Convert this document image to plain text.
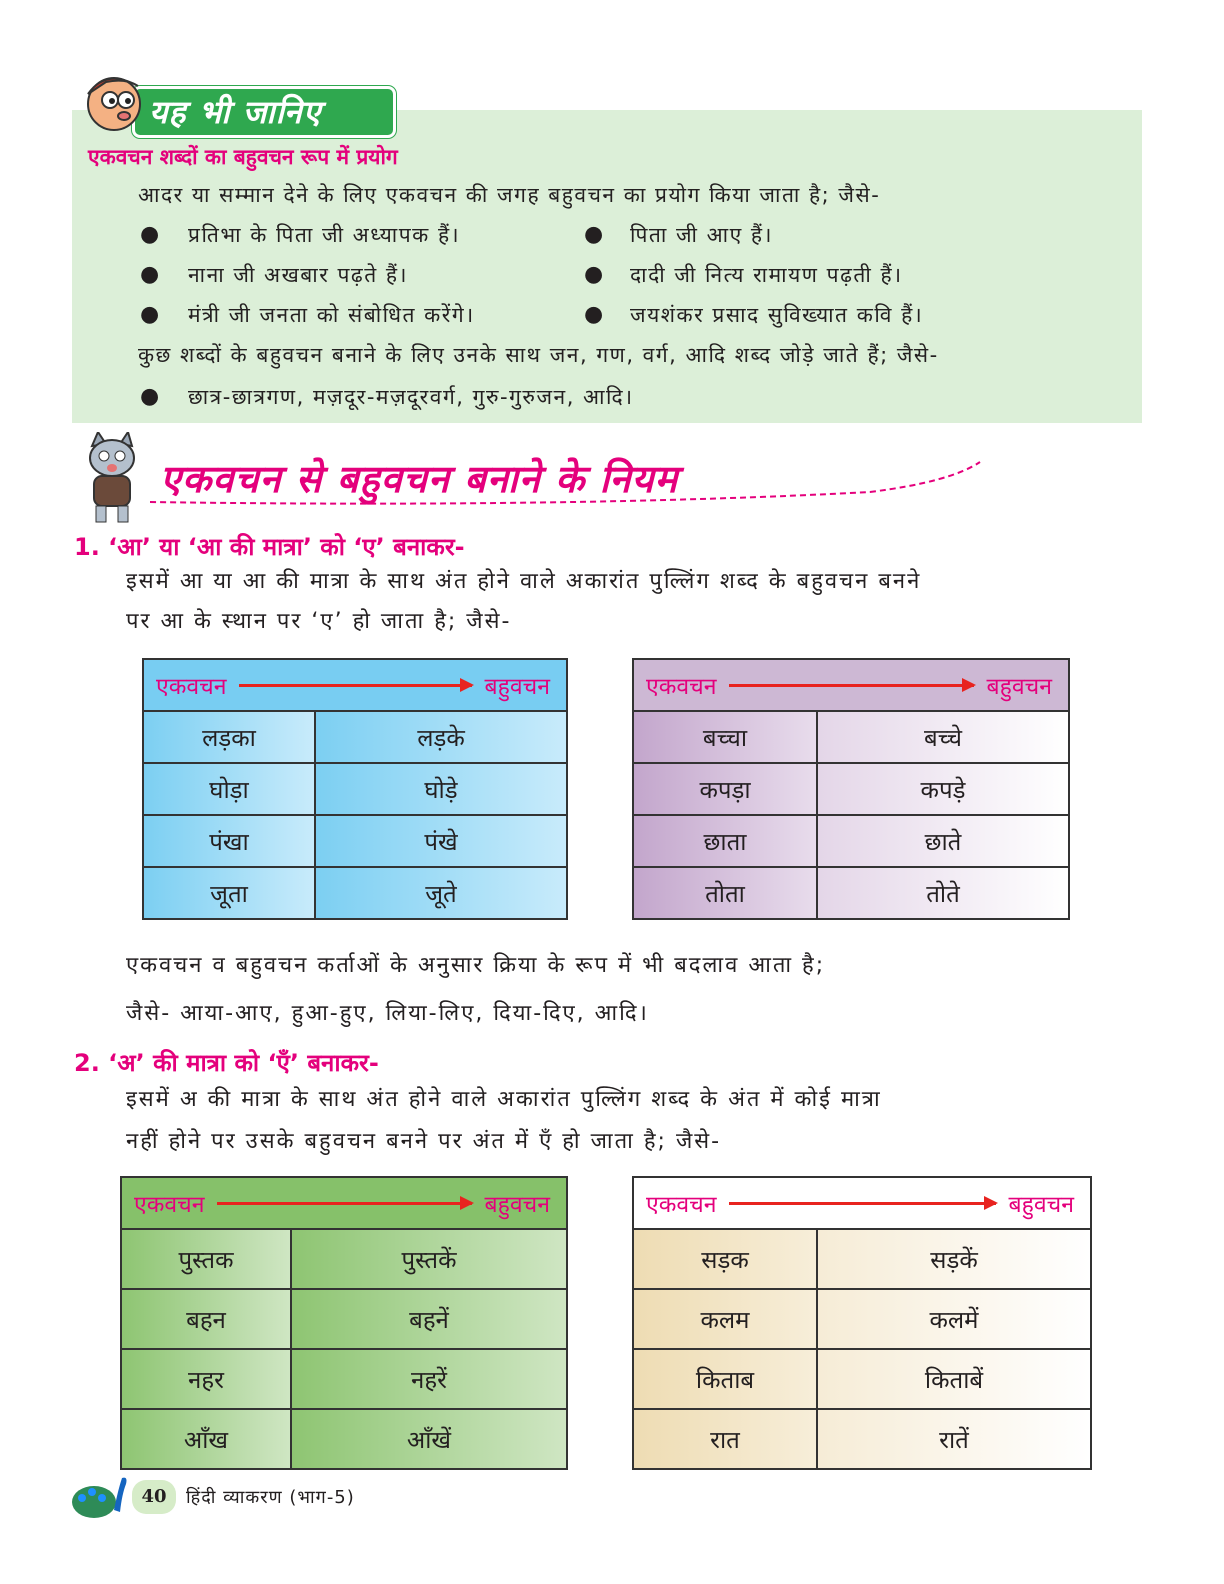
यह भी जानिए
एकवचन शब्दों का बहुवचन रूप में प्रयोग
आदर या सम्मान देने के लिए एकवचन की जगह बहुवचन का प्रयोग किया जाता है; जैसे-
● प्रतिभा के पिता जी अध्यापक हैं।	● पिता जी आए हैं।
● नाना जी अखबार पढ़ते हैं।	● दादी जी नित्य रामायण पढ़ती हैं।
● मंत्री जी जनता को संबोधित करेंगे।	● जयशंकर प्रसाद सुविख्यात कवि हैं।
कुछ शब्दों के बहुवचन बनाने के लिए उनके साथ जन, गण, वर्ग, आदि शब्द जोड़े जाते हैं; जैसे-
● छात्र-छात्रगण, मज़दूर-मज़दूरवर्ग, गुरु-गुरुजन, आदि।
एकवचन से बहुवचन बनाने के नियम
1. ‘आ’ या ‘आ की मात्रा’ को ‘ए’ बनाकर-
इसमें आ या आ की मात्रा के साथ अंत होने वाले अकारांत पुल्लिंग शब्द के बहुवचन बनने
पर आ के स्थान पर ‘ए’ हो जाता है; जैसे-
एकवचन बहुवचन	

लड़का	लड़के
घोड़ा	घोड़े
पंखा	पंखे
जूता	जूते
एकवचन बहुवचन	

बच्चा	बच्चे
कपड़ा	कपड़े
छाता	छाते
तोता	तोते
एकवचन व बहुवचन कर्ताओं के अनुसार क्रिया के रूप में भी बदलाव आता है;
जैसे- आया-आए, हुआ-हुए, लिया-लिए, दिया-दिए, आदि।
2. ‘अ’ की मात्रा को ‘एँ’ बनाकर-
इसमें अ की मात्रा के साथ अंत होने वाले अकारांत पुल्लिंग शब्द के अंत में कोई मात्रा
नहीं होने पर उसके बहुवचन बनने पर अंत में एँ हो जाता है; जैसे-
एकवचन बहुवचन	

पुस्तक	पुस्तकें
बहन	बहनें
नहर	नहरें
आँख	आँखें
एकवचन बहुवचन	

सड़क	सड़कें
कलम	कलमें
किताब	किताबें
रात	रातें
40	हिंदी व्याकरण (भाग-5)
